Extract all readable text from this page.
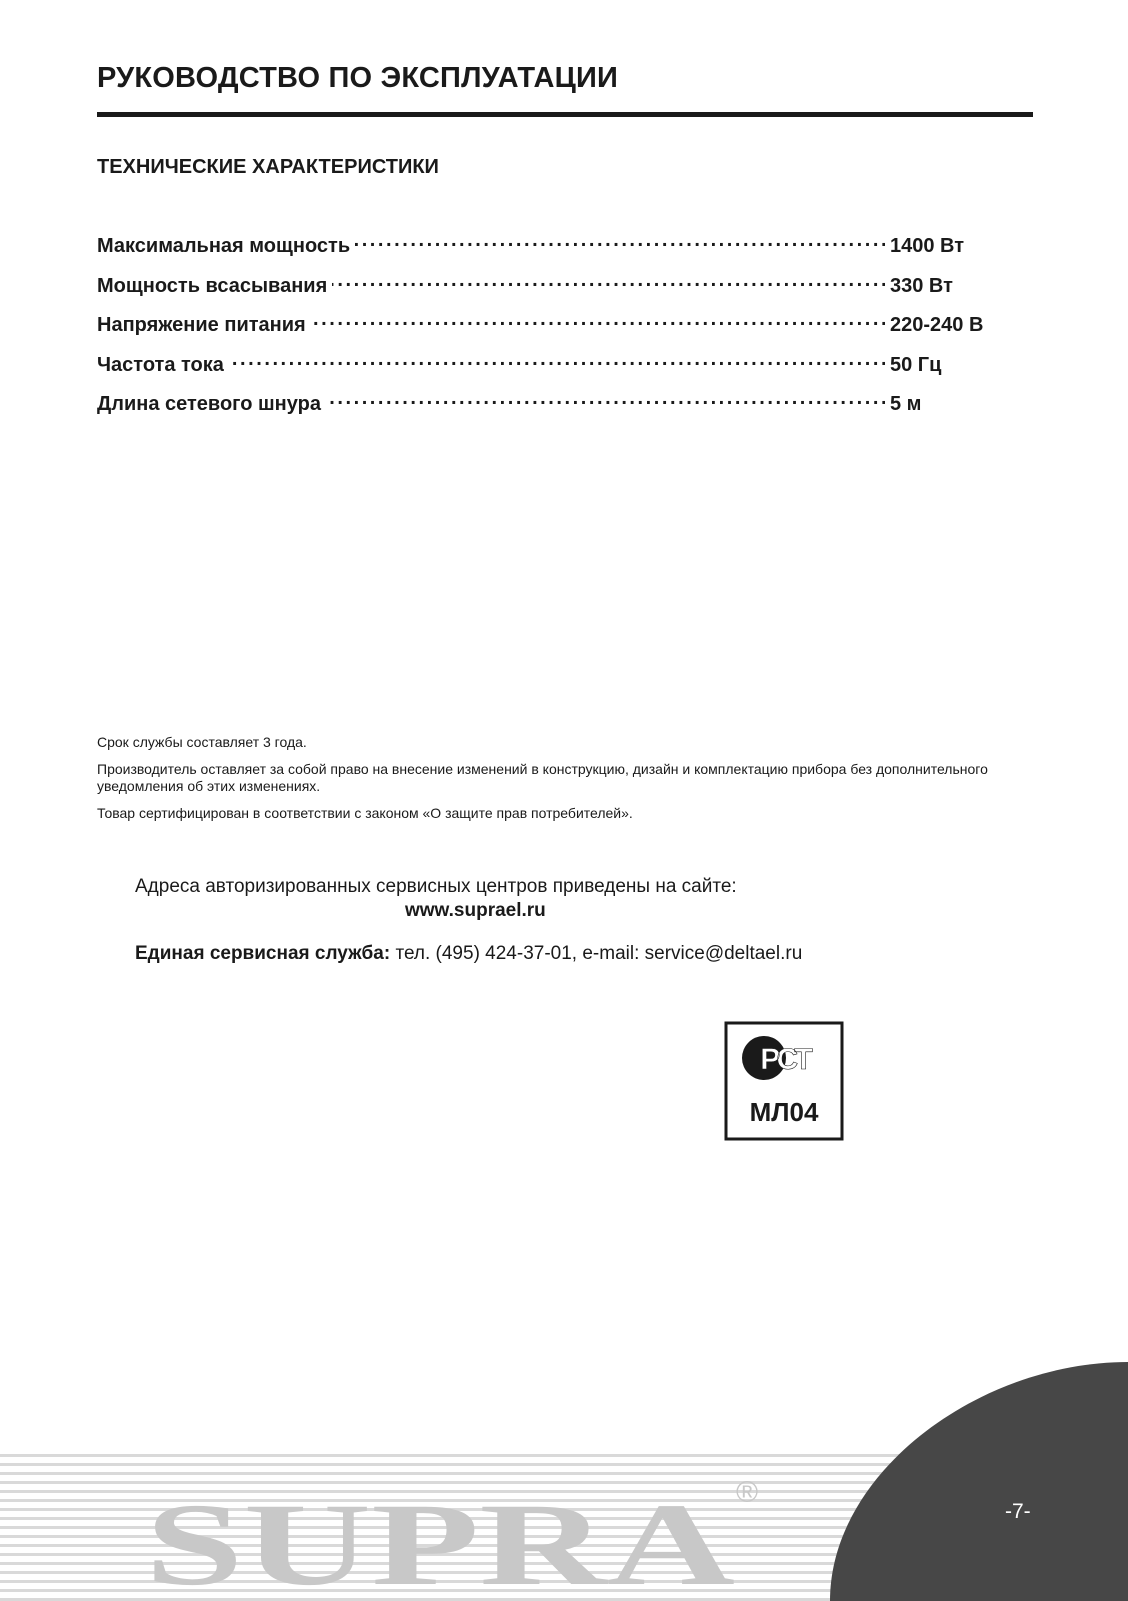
РУКОВОДСТВО ПО ЭКСПЛУАТАЦИИ
ТЕХНИЧЕСКИЕ ХАРАКТЕРИСТИКИ
Максимальная мощность . . .	1400 Вт
Мощность всасывания . . .	330 Вт
Напряжение питания . . .	220-240 В
Частота тока . . .	50 Гц
Длина сетевого шнура . . .	5 м

Срок службы составляет 3 года.

Производитель оставляет за собой право на внесение изменений в конструкцию, дизайн и комплектацию прибора без дополнительного уведомления об этих изменениях.

Товар сертифицирован в соответствии с законом «О защите прав потребителей».

Адреса авторизированных сервисных центров приведены на сайте:
www.suprael.ru
Единая сервисная служба: тел. (495) 424-37-01, e-mail: service@deltael.ru
РСТ
МЛ04
SUPRA ®
-7-
